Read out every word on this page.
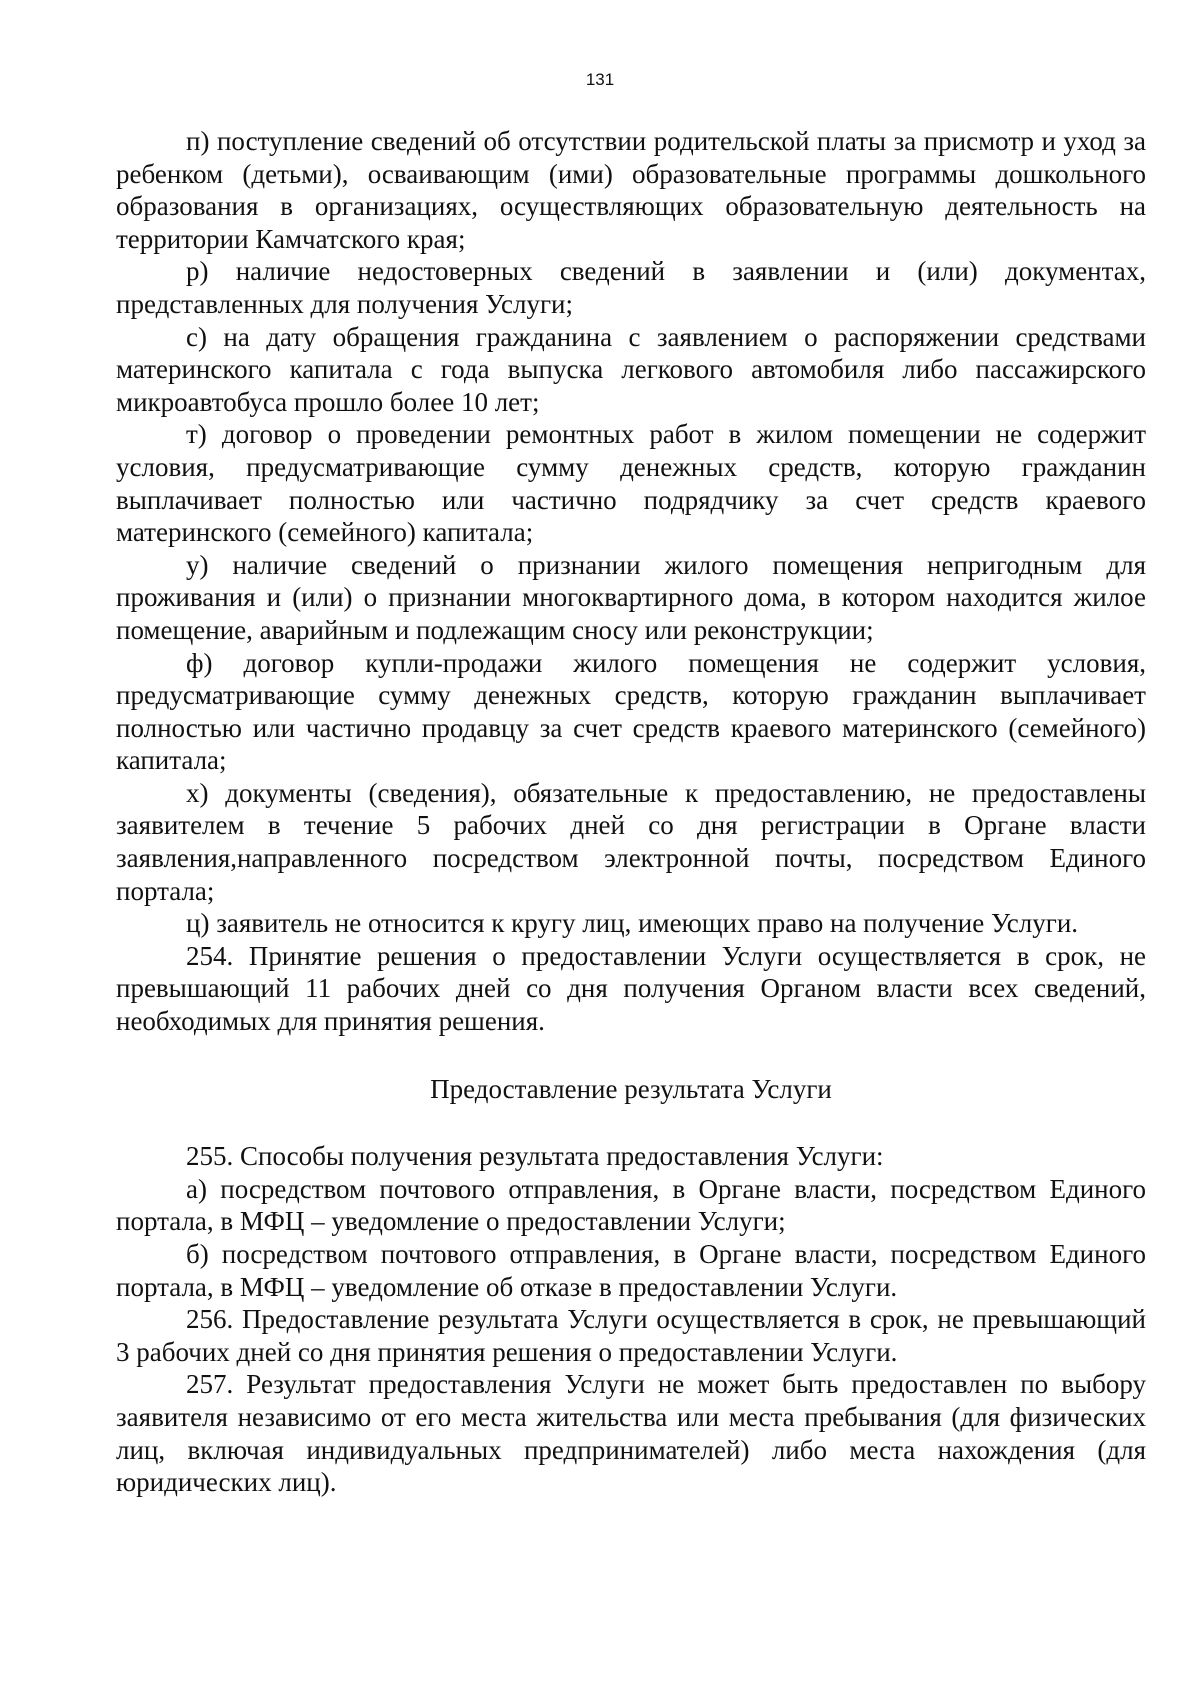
131

п) поступление сведений об отсутствии родительской платы за присмотр и уход за ребенком (детьми), осваивающим (ими) образовательные программы дошкольного образования в организациях, осуществляющих образовательную деятельность на территории Камчатского края;

р) наличие недостоверных сведений в заявлении и (или) документах, представленных для получения Услуги;

с) на дату обращения гражданина с заявлением о распоряжении средствами материнского капитала с года выпуска легкового автомобиля либо пассажирского микроавтобуса прошло более 10 лет;

т) договор о проведении ремонтных работ в жилом помещении не содержит условия, предусматривающие сумму денежных средств, которую гражданин выплачивает полностью или частично подрядчику за счет средств краевого материнского (семейного) капитала;

у) наличие сведений о признании жилого помещения непригодным для проживания и (или) о признании многоквартирного дома, в котором находится жилое помещение, аварийным и подлежащим сносу или реконструкции;

ф) договор купли-продажи жилого помещения не содержит условия, предусматривающие сумму денежных средств, которую гражданин выплачивает полностью или частично продавцу за счет средств краевого материнского (семейного) капитала;

х) документы (сведения), обязательные к предоставлению, не предоставлены заявителем в течение 5 рабочих дней со дня регистрации в Органе власти заявления,направленного посредством электронной почты, посредством Единого портала;

ц) заявитель не относится к кругу лиц, имеющих право на получение Услуги.

254. Принятие решения о предоставлении Услуги осуществляется в срок, не превышающий 11 рабочих дней со дня получения Органом власти всех сведений, необходимых для принятия решения.

Предоставление результата Услуги

255. Способы получения результата предоставления Услуги:

а) посредством почтового отправления, в Органе власти, посредством Единого портала, в МФЦ – уведомление о предоставлении Услуги;

б) посредством почтового отправления, в Органе власти, посредством Единого портала, в МФЦ – уведомление об отказе в предоставлении Услуги.

256. Предоставление результата Услуги осуществляется в срок, не превышающий 3 рабочих дней со дня принятия решения о предоставлении Услуги.

257. Результат предоставления Услуги не может быть предоставлен по выбору заявителя независимо от его места жительства или места пребывания (для физических лиц, включая индивидуальных предпринимателей) либо места нахождения (для юридических лиц).
